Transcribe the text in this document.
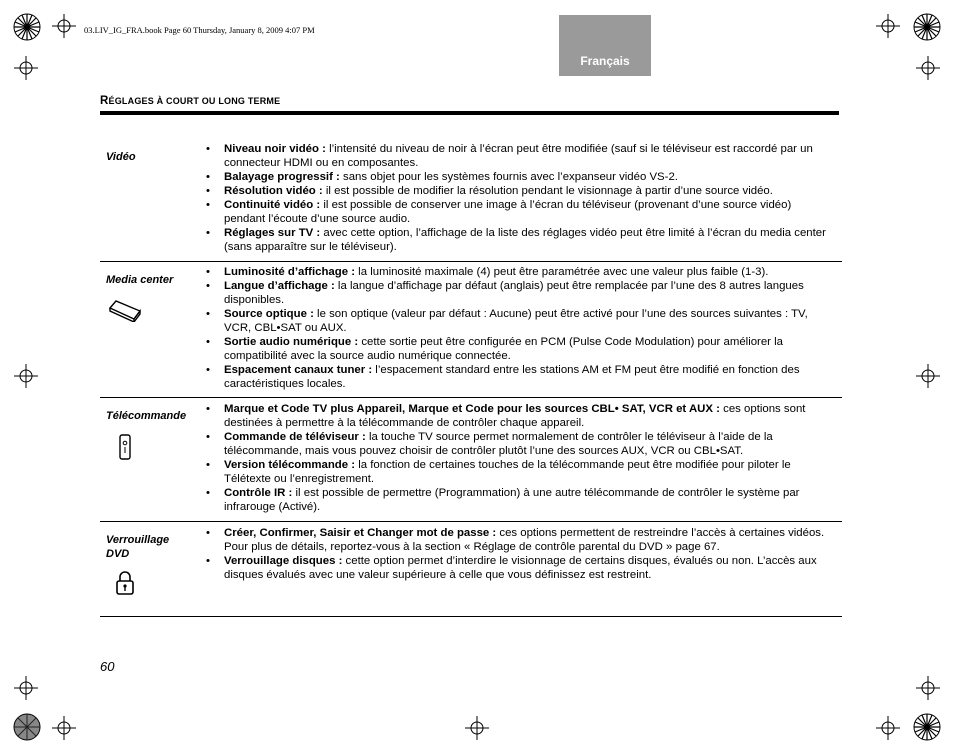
03.LIV_IG_FRA.book Page 60 Thursday, January 8, 2009 4:07 PM
Français
RÉGLAGES À COURT OU LONG TERME
Vidéo
• Niveau noir vidéo : l’intensité du niveau de noir à l’écran peut être modifiée (sauf si le téléviseur est raccordé par un connecteur HDMI ou en composantes.
• Balayage progressif : sans objet pour les systèmes fournis avec l’expanseur vidéo VS-2.
• Résolution vidéo : il est possible de modifier la résolution pendant le visionnage à partir d’une source vidéo.
• Continuité vidéo : il est possible de conserver une image à l’écran du téléviseur (provenant d’une source vidéo) pendant l’écoute d’une source audio.
• Réglages sur TV : avec cette option, l’affichage de la liste des réglages vidéo peut être limité à l’écran du media center (sans apparaître sur le téléviseur).
Media center
• Luminosité d’affichage : la luminosité maximale (4) peut être paramétrée avec une valeur plus faible (1-3).
• Langue d’affichage : la langue d’affichage par défaut (anglais) peut être remplacée par l’une des 8 autres langues disponibles.
• Source optique : le son optique (valeur par défaut : Aucune) peut être activé pour l’une des sources suivantes : TV, VCR, CBL•SAT ou AUX.
• Sortie audio numérique : cette sortie peut être configurée en PCM (Pulse Code Modulation) pour améliorer la compatibilité avec la source audio numérique connectée.
• Espacement canaux tuner : l’espacement standard entre les stations AM et FM peut être modifié en fonction des caractéristiques locales.
Télécommande
• Marque et Code TV plus Appareil, Marque et Code pour les sources CBL• SAT, VCR et AUX : ces options sont destinées à permettre à la télécommande de contrôler chaque appareil.
• Commande de téléviseur : la touche TV source permet normalement de contrôler le téléviseur à l’aide de la télécommande, mais vous pouvez choisir de contrôler plutôt l’une des sources AUX, VCR ou CBL•SAT.
• Version télécommande : la fonction de certaines touches de la télécommande peut être modifiée pour piloter le Télétexte ou l’enregistrement.
• Contrôle IR : il est possible de permettre (Programmation) à une autre télécommande de contrôler le système par infrarouge (Activé).
Verrouillage DVD
• Créer, Confirmer, Saisir et Changer mot de passe : ces options permettent de restreindre l’accès à certaines vidéos. Pour plus de détails, reportez-vous à la section « Réglage de contrôle parental du DVD » page 67.
• Verrouillage disques : cette option permet d’interdire le visionnage de certains disques, évalués ou non. L’accès aux disques évalués avec une valeur supérieure à celle que vous définissez est restreint.
60
